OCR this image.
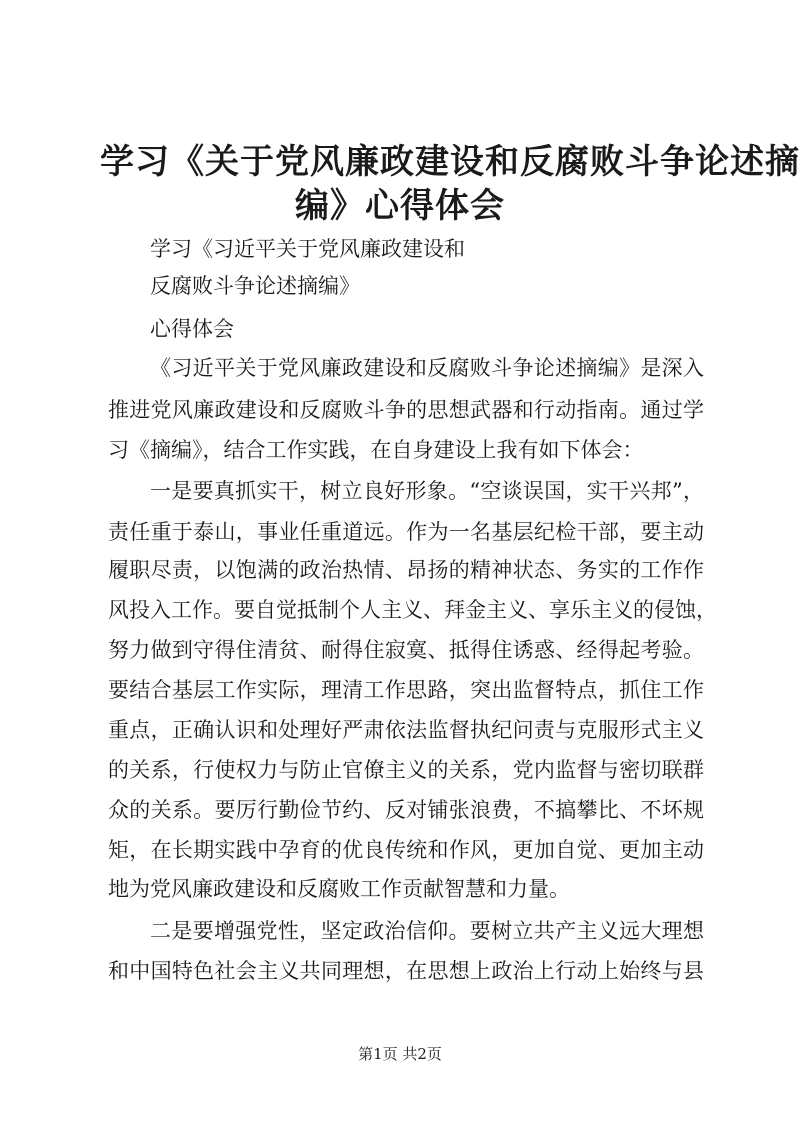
学习《关于党风廉政建设和反腐败斗争论述摘
编》心得体会
学习《习近平关于党风廉政建设和
反腐败斗争论述摘编》
心得体会
《习近平关于党风廉政建设和反腐败斗争论述摘编》是深入
推进党风廉政建设和反腐败斗争的思想武器和行动指南。通过学
习《摘编》，结合工作实践，在自身建设上我有如下体会：
一是要真抓实干，树立良好形象。“空谈误国，实干兴邦”，
责任重于泰山，事业任重道远。作为一名基层纪检干部，要主动
履职尽责，以饱满的政治热情、昂扬的精神状态、务实的工作作
风投入工作。要自觉抵制个人主义、拜金主义、享乐主义的侵蚀，
努力做到守得住清贫、耐得住寂寞、抵得住诱惑、经得起考验。
要结合基层工作实际，理清工作思路，突出监督特点，抓住工作
重点，正确认识和处理好严肃依法监督执纪问责与克服形式主义
的关系，行使权力与防止官僚主义的关系，党内监督与密切联群
众的关系。要厉行勤俭节约、反对铺张浪费，不搞攀比、不坏规
矩，在长期实践中孕育的优良传统和作风，更加自觉、更加主动
地为党风廉政建设和反腐败工作贡献智慧和力量。
二是要增强党性，坚定政治信仰。要树立共产主义远大理想
和中国特色社会主义共同理想，在思想上政治上行动上始终与县
第1页 共2页
